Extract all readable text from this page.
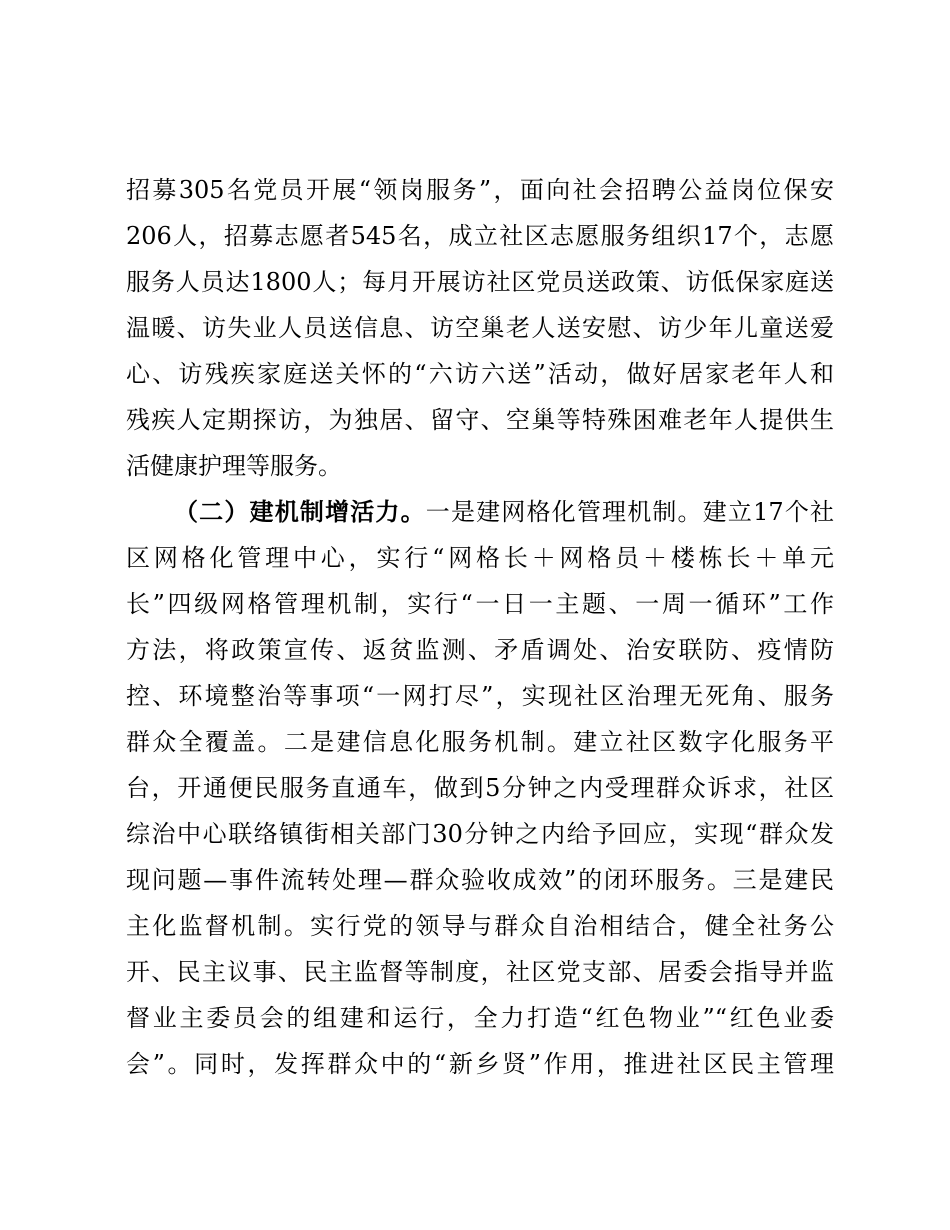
招募305名党员开展“领岗服务”，面向社会招聘公益岗位保安
206人，招募志愿者545名，成立社区志愿服务组织17个，志愿
服务人员达1800人；每月开展访社区党员送政策、访低保家庭送
温暖、访失业人员送信息、访空巢老人送安慰、访少年儿童送爱
心、访残疾家庭送关怀的“六访六送”活动，做好居家老年人和
残疾人定期探访，为独居、留守、空巢等特殊困难老年人提供生
活健康护理等服务。
（二）建机制增活力。一是建网格化管理机制。建立17个社
区网格化管理中心，实行“网格长＋网格员＋楼栋长＋单元
长”四级网格管理机制，实行“一日一主题、一周一循环”工作
方法，将政策宣传、返贫监测、矛盾调处、治安联防、疫情防
控、环境整治等事项“一网打尽”，实现社区治理无死角、服务
群众全覆盖。二是建信息化服务机制。建立社区数字化服务平
台，开通便民服务直通车，做到5分钟之内受理群众诉求，社区
综治中心联络镇街相关部门30分钟之内给予回应，实现“群众发
现问题—事件流转处理—群众验收成效”的闭环服务。三是建民
主化监督机制。实行党的领导与群众自治相结合，健全社务公
开、民主议事、民主监督等制度，社区党支部、居委会指导并监
督业主委员会的组建和运行，全力打造“红色物业”“红色业委
会”。同时，发挥群众中的“新乡贤”作用，推进社区民主管理
